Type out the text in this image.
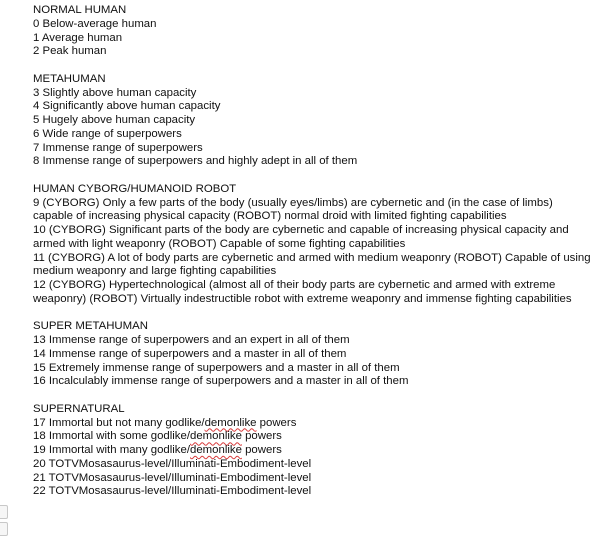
NORMAL HUMAN
0 Below-average human
1 Average human
2 Peak human
METAHUMAN
3 Slightly above human capacity
4 Significantly above human capacity
5 Hugely above human capacity
6 Wide range of superpowers
7 Immense range of superpowers
8 Immense range of superpowers and highly adept in all of them
HUMAN CYBORG/HUMANOID ROBOT
9 (CYBORG) Only a few parts of the body (usually eyes/limbs) are cybernetic and (in the case of limbs) capable of increasing physical capacity (ROBOT) normal droid with limited fighting capabilities
10 (CYBORG) Significant parts of the body are cybernetic and capable of increasing physical capacity and armed with light weaponry (ROBOT) Capable of some fighting capabilities
11 (CYBORG) A lot of body parts are cybernetic and armed with medium weaponry (ROBOT) Capable of using medium weaponry and large fighting capabilities
12 (CYBORG) Hypertechnological (almost all of their body parts are cybernetic and armed with extreme weaponry) (ROBOT) Virtually indestructible robot with extreme weaponry and immense fighting capabilities
SUPER METAHUMAN
13 Immense range of superpowers and an expert in all of them
14 Immense range of superpowers and a master in all of them
15 Extremely immense range of superpowers and a master in all of them
16 Incalculably immense range of superpowers and a master in all of them
SUPERNATURAL
17 Immortal but not many godlike/demonlike powers
18 Immortal with some godlike/demonlike powers
19 Immortal with many godlike/demonlike powers
20 TOTVMosasaurus-level/Illuminati-Embodiment-level
21 TOTVMosasaurus-level/Illuminati-Embodiment-level
22 TOTVMosasaurus-level/Illuminati-Embodiment-level
